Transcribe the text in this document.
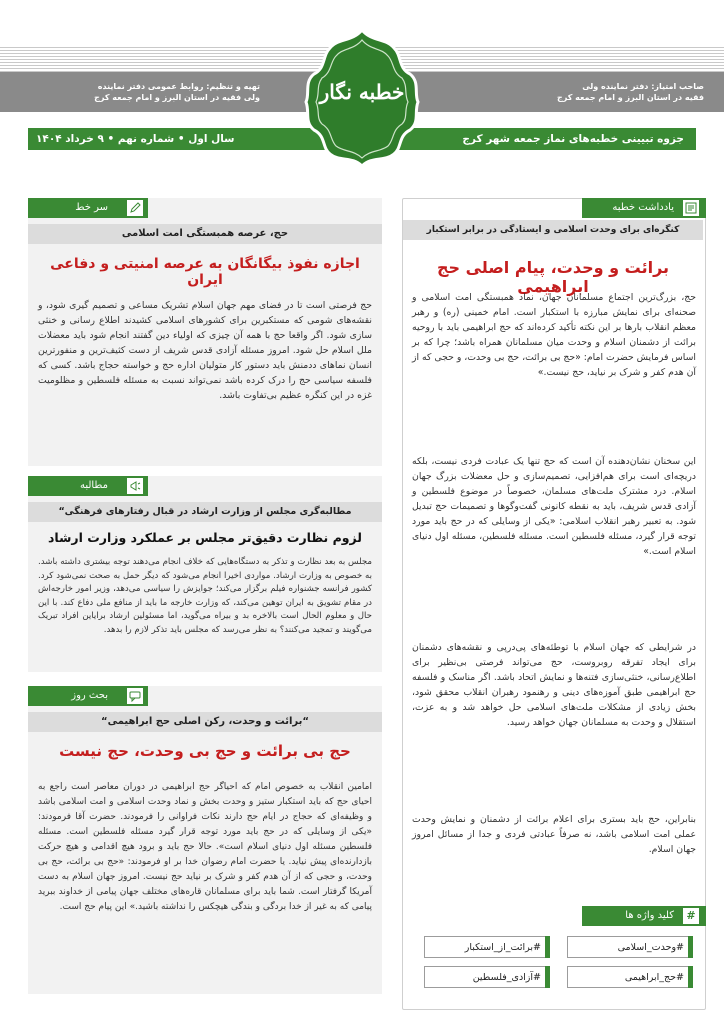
صاحب امتیاز: دفتر نماینده ولی
فقیه در استان البرز و امام جمعه کرج
تهیه و تنظیم: روابط عمومی دفتر نماینده
ولی فقیه در استان البرز و امام جمعه کرج
جزوه تبیینی خطبه‌های نماز جمعه شهر کرج
سال اول • شماره نهم • ۹ خرداد ۱۴۰۴
خطبه نگار
یادداشت خطبه
کنگره‌ای برای وحدت اسلامی و ایستادگی در برابر استکبار
برائت و وحدت، پیام اصلی حج ابراهیمی
حج، بزرگ‌ترین اجتماع مسلمانان جهان، نماد همبستگی امت اسلامی و صحنه‌ای برای نمایش مبارزه با استکبار است. امام خمینی (ره) و رهبر معظم انقلاب بارها بر این نکته تأکید کرده‌اند که حج ابراهیمی باید با روحیه برائت از دشمنان اسلام و وحدت میان مسلمانان همراه باشد؛ چرا که بر اساس فرمایش حضرت امام: «حج بی برائت، حج بی وحدت، و حجی که از آن هدم کفر و شرک بر نیاید، حج نیست.»
این سخنان نشان‌دهنده آن است که حج تنها یک عبادت فردی نیست، بلکه دریچه‌ای است برای هم‌افزایی، تصمیم‌سازی و حل معضلات بزرگ جهان اسلام. درد مشترک ملت‌های مسلمان، خصوصاً در موضوع فلسطین و آزادی قدس شریف، باید به نقطه کانونی گفت‌وگوها و تصمیمات حج تبدیل شود. به تعبیر رهبر انقلاب اسلامی: «یکی از وسایلی که در حج باید مورد توجه قرار گیرد، مسئله فلسطین است. مسئله فلسطین، مسئله اول دنیای اسلام است.»
در شرایطی که جهان اسلام با توطئه‌های پی‌درپی و نقشه‌های دشمنان برای ایجاد تفرقه روبروست، حج می‌تواند فرصتی بی‌نظیر برای اطلاع‌رسانی، خنثی‌سازی فتنه‌ها و نمایش اتحاد باشد. اگر مناسک و فلسفه حج ابراهیمی طبق آموزه‌های دینی و رهنمود رهبران انقلاب محقق شود، بخش زیادی از مشکلات ملت‌های اسلامی حل خواهد شد و به عزت، استقلال و وحدت به مسلمانان جهان خواهد رسید.
بنابراین، حج باید بستری برای اعلام برائت از دشمنان و نمایش وحدت عملی امت اسلامی باشد، نه صرفاً عبادتی فردی و جدا از مسائل امروز جهان اسلام.
#
کلید واژه ها
#وحدت_اسلامی
#برائت_از_استکبار
#حج_ابراهیمی
#آزادی_فلسطین
سر خط
حج، عرصه همبستگی امت اسلامی
اجازه نفوذ بیگانگان به عرصه امنیتی و دفاعی ایران
حج فرصتی است تا در فضای مهم جهان اسلام تشریک مساعی و تصمیم گیری شود، و نقشه‌های شومی که مستکبرین برای کشورهای اسلامی کشیدند اطلاع رسانی و خنثی سازی شود. اگر واقعا حج با همه آن چیزی که اولیاء دین گفتند انجام شود باید معضلات ملل اسلام حل شود. امروز مسئله آزادی قدس شریف از دست کثیف‌ترین و منفورترین انسان نماهای ددمنش باید دستور کار متولیان اداره حج و خواسته حجاج باشد. کسی که فلسفه سیاسی حج را درک کرده باشد نمی‌تواند نسبت به مسئله فلسطین و مظلومیت غزه در این کنگره عظیم بی‌تفاوت باشد.
مطالبه
مطالبه‌گری مجلس از وزارت ارشاد در قبال رفتارهای فرهنگی“
لزوم نظارت دقیق‌تر مجلس بر عملکرد وزارت ارشاد
مجلس به بعد نظارت و تذکر به دستگاه‌هایی که خلاف انجام می‌دهند توجه بیشتری داشته باشد. به خصوص به وزارت ارشاد. مواردی اخیرا انجام می‌شود که دیگر حمل به صحت نمی‌شود کرد. کشور فرانسه جشنواره فیلم برگزار می‌کند؛ جوایزش را سیاسی می‌دهد، وزیر امور خارجه‌اش در مقام تشویق به ایران توهین می‌کند، که وزارت خارجه ما باید از منافع ملی دفاع کند. با این حال و معلوم الحال است بالاخره بد و بیراه می‌گوید، اما مسئولین ارشاد برایاین افراد تبریک می‌گویند و تمجید می‌کنند؟ به نظر می‌رسد که مجلس باید تذکر لازم را بدهد.
بحث روز
“برائت و وحدت، رکن اصلی حج ابراهیمی“
حج بی برائت و حج بی وحدت، حج نیست
امامین انقلاب به خصوص امام که احیاگر حج ابراهیمی در دوران معاصر است راجع به احیای حج که باید استکبار ستیز و وحدت بخش و نماد وحدت اسلامی و امت اسلامی باشد و وظیفه‌ای که حجاج در ایام حج دارند نکات فراوانی را فرمودند. حضرت آقا فرمودند: «یکی از وسایلی که در حج باید مورد توجه قرار گیرد مسئله فلسطین است. مسئله فلسطین مسئله اول دنیای اسلام است». حالا حج باید و برود هیچ اقدامی و هیچ حرکت بازدارنده‌ای پیش نیاید. یا حضرت امام رضوان خدا بر او فرمودند: «حج بی برائت، حج بی وحدت، و حجی که از آن هدم کفر و شرک بر نیاید حج نیست. امروز جهان اسلام به دست آمریکا گرفتار است. شما باید برای مسلمانان قاره‌های مختلف جهان پیامی از خداوند ببرید پیامی که به غیر از خدا بردگی و بندگی هیچکس را نداشته باشید.» این پیام حج است.
